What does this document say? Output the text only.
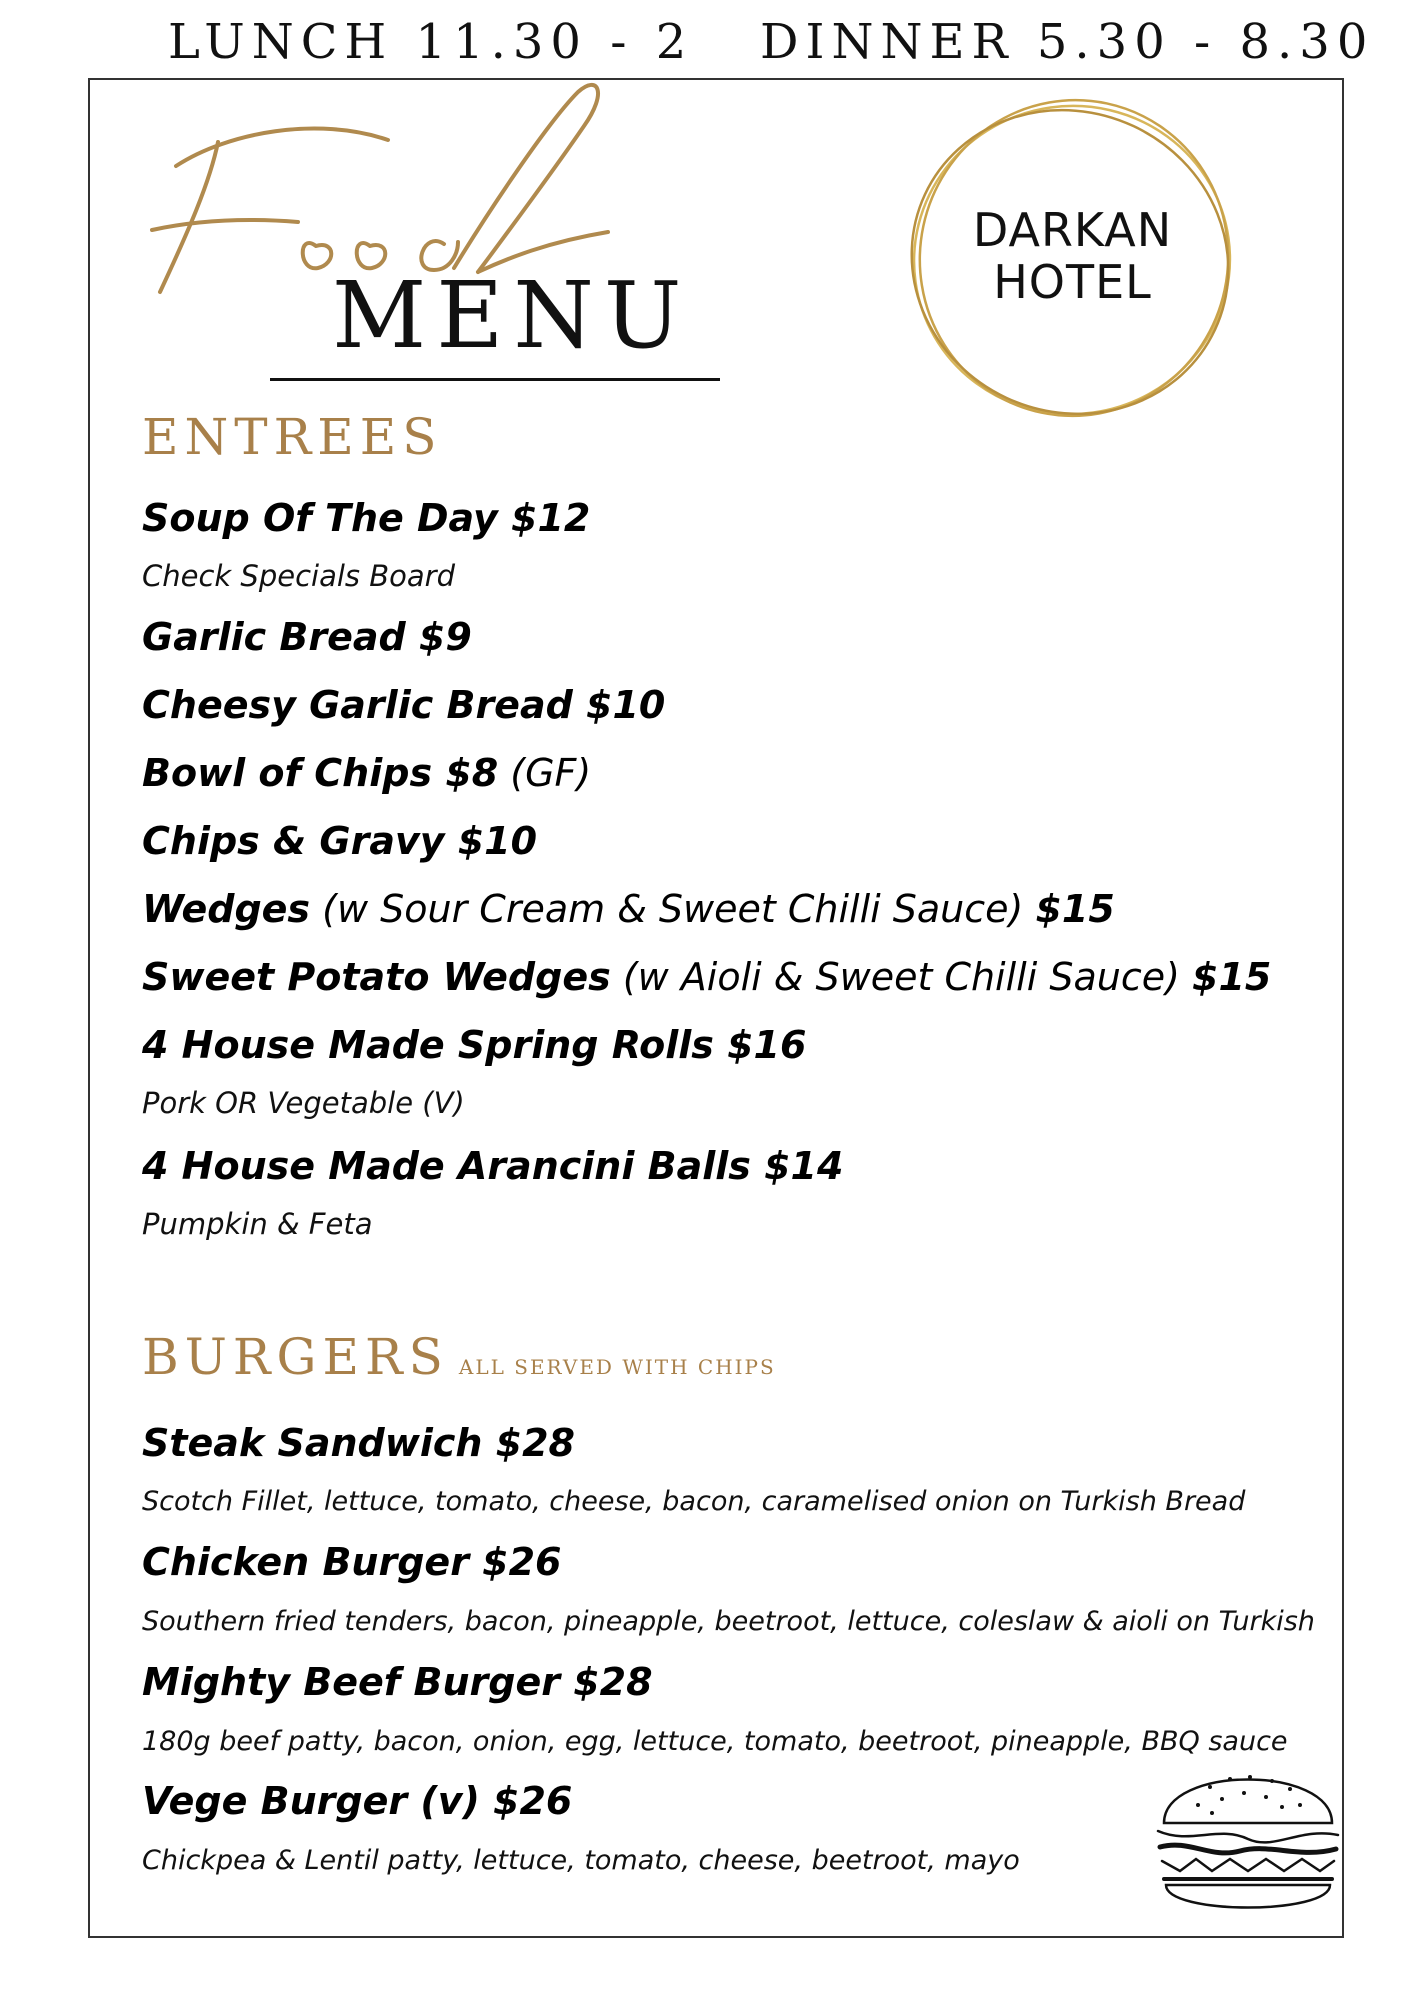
LUNCH 11.30 - 2 DINNER 5.30 - 8.30
MENU
DARKAN
HOTEL
ENTREES
Soup Of The Day $12
Check Specials Board
Garlic Bread $9
Cheesy Garlic Bread $10
Bowl of Chips $8 (GF)
Chips & Gravy $10
Wedges (w Sour Cream & Sweet Chilli Sauce) $15
Sweet Potato Wedges (w Aioli & Sweet Chilli Sauce) $15
4 House Made Spring Rolls $16
Pork OR Vegetable (V)
4 House Made Arancini Balls $14
Pumpkin & Feta
BURGERS ALL SERVED WITH CHIPS
Steak Sandwich $28
Scotch Fillet, lettuce, tomato, cheese, bacon, caramelised onion on Turkish Bread
Chicken Burger $26
Southern fried tenders, bacon, pineapple, beetroot, lettuce, coleslaw & aioli on Turkish
Mighty Beef Burger $28
180g beef patty, bacon, onion, egg, lettuce, tomato, beetroot, pineapple, BBQ sauce
Vege Burger (v) $26
Chickpea & Lentil patty, lettuce, tomato, cheese, beetroot, mayo
